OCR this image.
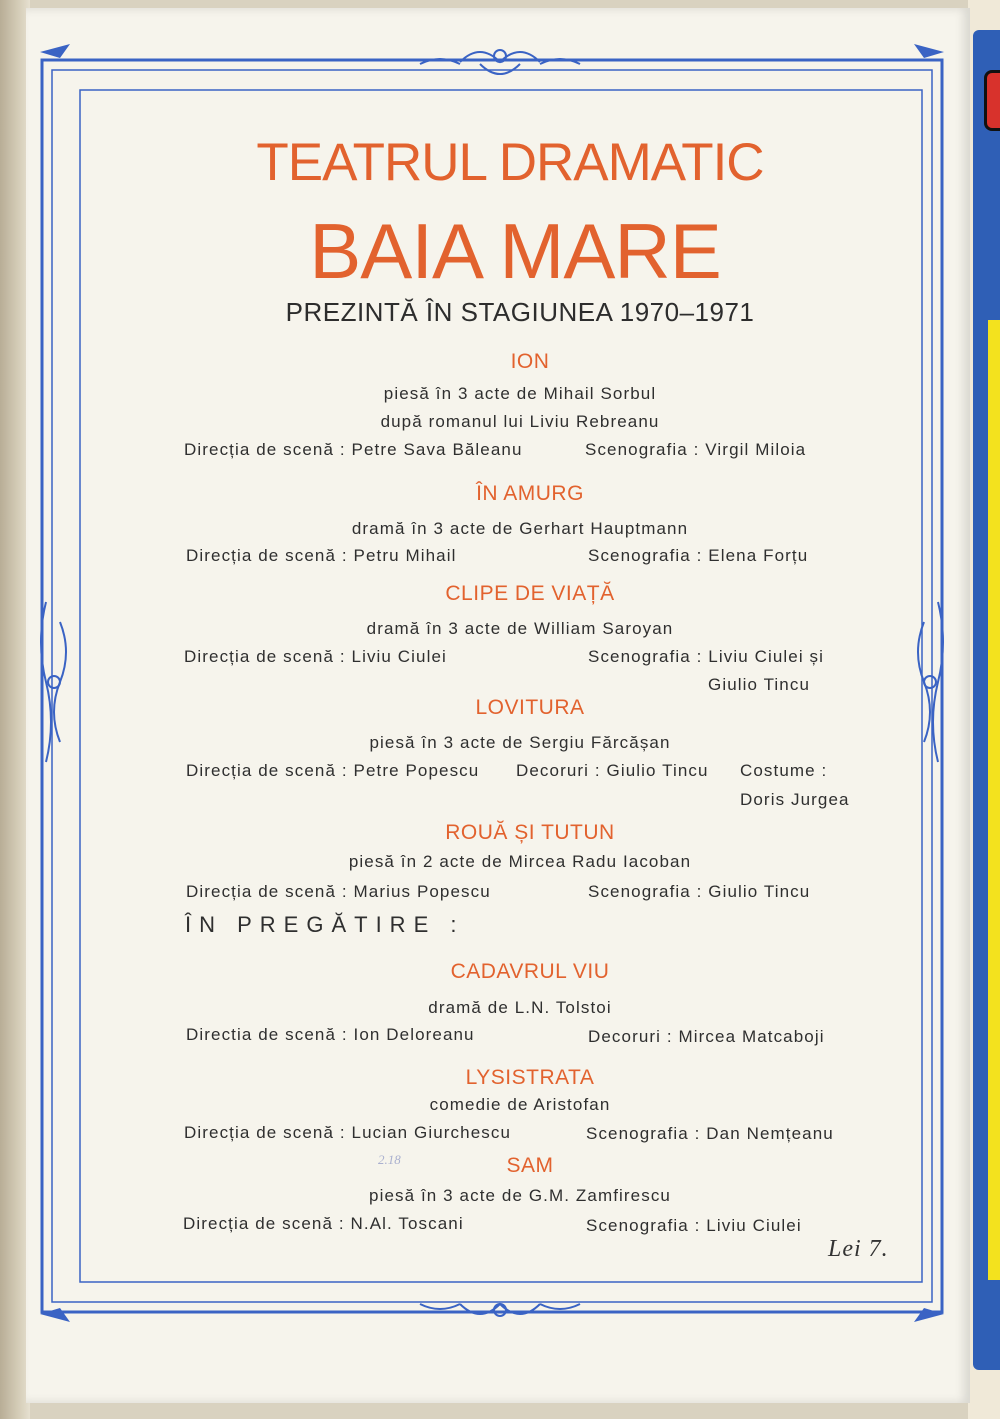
TEATRUL DRAMATIC
BAIA MARE
PREZINTĂ ÎN STAGIUNEA 1970–1971
ION
piesă în 3 acte de Mihail Sorbul
după romanul lui Liviu Rebreanu
Direcția de scenă : Petre Sava Băleanu	Scenografia : Virgil Miloia
ÎN AMURG
dramă în 3 acte de Gerhart Hauptmann
Direcția de scenă : Petru Mihail	Scenografia : Elena Forțu
CLIPE DE VIAȚĂ
dramă în 3 acte de William Saroyan
Direcția de scenă : Liviu Ciulei	Scenografia : Liviu Ciulei și
Giulio Tincu
LOVITURA
piesă în 3 acte de Sergiu Fărcășan
Direcția de scenă : Petre Popescu Decoruri : Giulio Tincu Costume :
Doris Jurgea
ROUĂ ȘI TUTUN
piesă în 2 acte de Mircea Radu Iacoban
Direcția de scenă : Marius Popescu	Scenografia : Giulio Tincu
ÎN PREGĂTIRE :
CADAVRUL VIU
dramă de L.N. Tolstoi
Directia de scenă : Ion Deloreanu	Decoruri : Mircea Matcaboji
LYSISTRATA
comedie de Aristofan
Direcția de scenă : Lucian Giurchescu	Scenografia : Dan Nemțeanu
2.18	SAM
piesă în 3 acte de G.M. Zamfirescu
Direcția de scenă : N.Al. Toscani	Scenografia : Liviu Ciulei
Lei 7.
